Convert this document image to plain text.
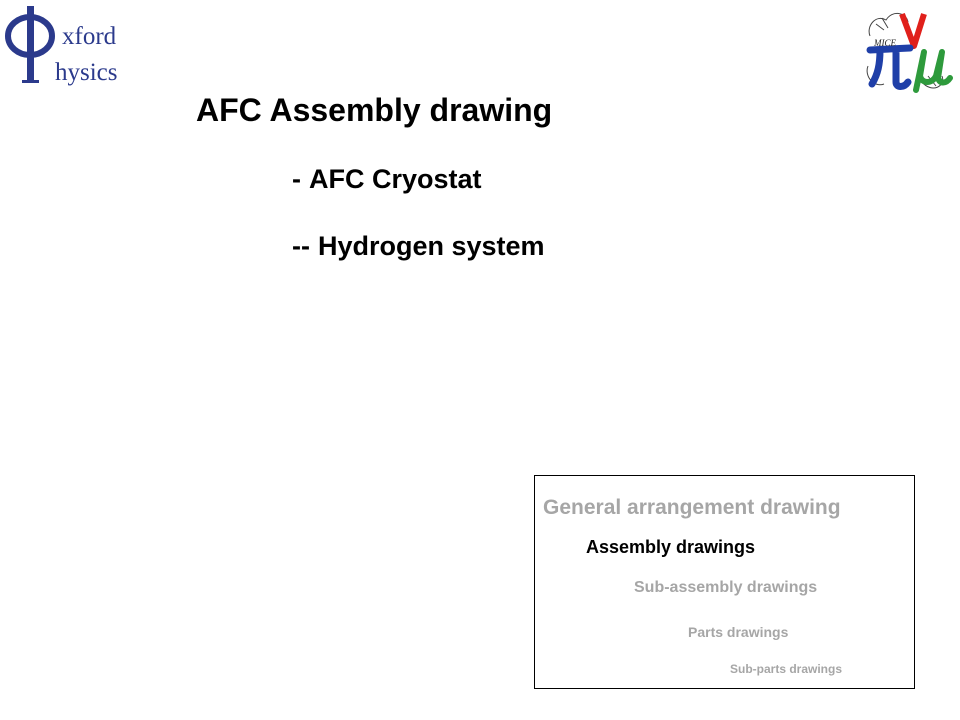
xford
hysics
MICE
AFC Assembly drawing
- AFC Cryostat
-- Hydrogen system
General arrangement drawing
Assembly drawings
Sub-assembly drawings
Parts drawings
Sub-parts drawings
